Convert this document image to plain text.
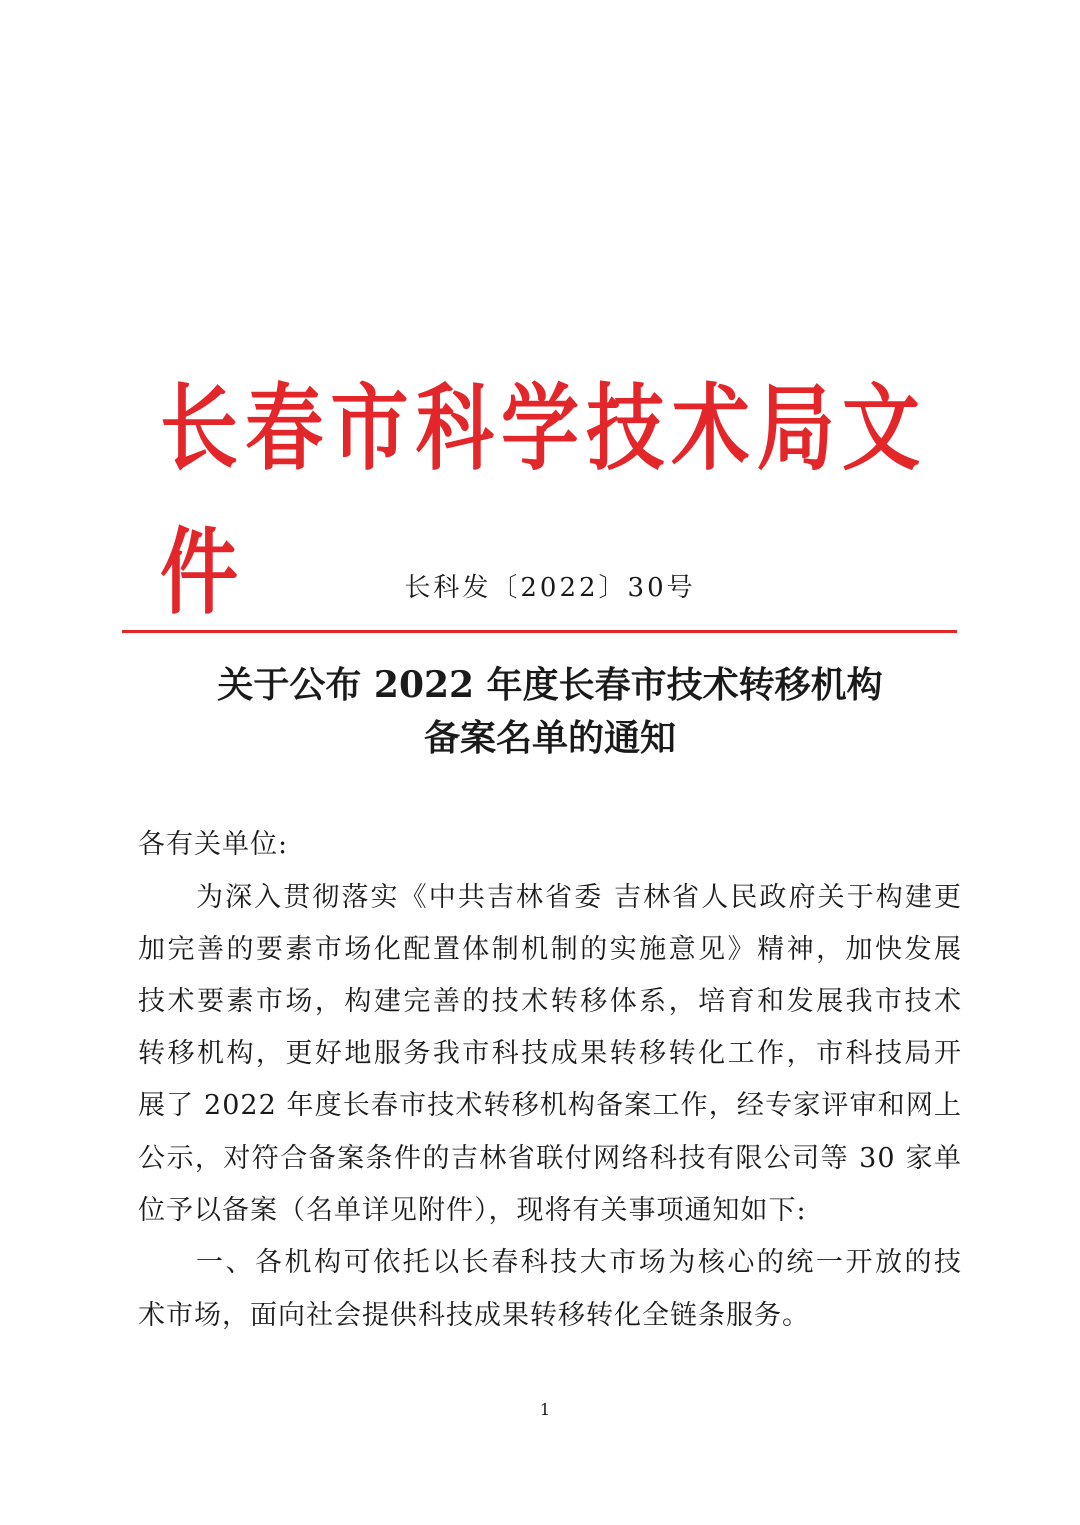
长春市科学技术局文件	长科发〔2022〕30号
关于公布 2022 年度长春市技术转移机构
备案名单的通知
各有关单位:
为深入贯彻落实《中共吉林省委 吉林省人民政府关于构建更
加完善的要素市场化配置体制机制的实施意见》精神，加快发展
技术要素市场，构建完善的技术转移体系，培育和发展我市技术
转移机构，更好地服务我市科技成果转移转化工作，市科技局开
展了 2022 年度长春市技术转移机构备案工作，经专家评审和网上
公示，对符合备案条件的吉林省联付网络科技有限公司等 30 家单
位予以备案（名单详见附件），现将有关事项通知如下:
一、各机构可依托以长春科技大市场为核心的统一开放的技
术市场，面向社会提供科技成果转移转化全链条服务。
1
